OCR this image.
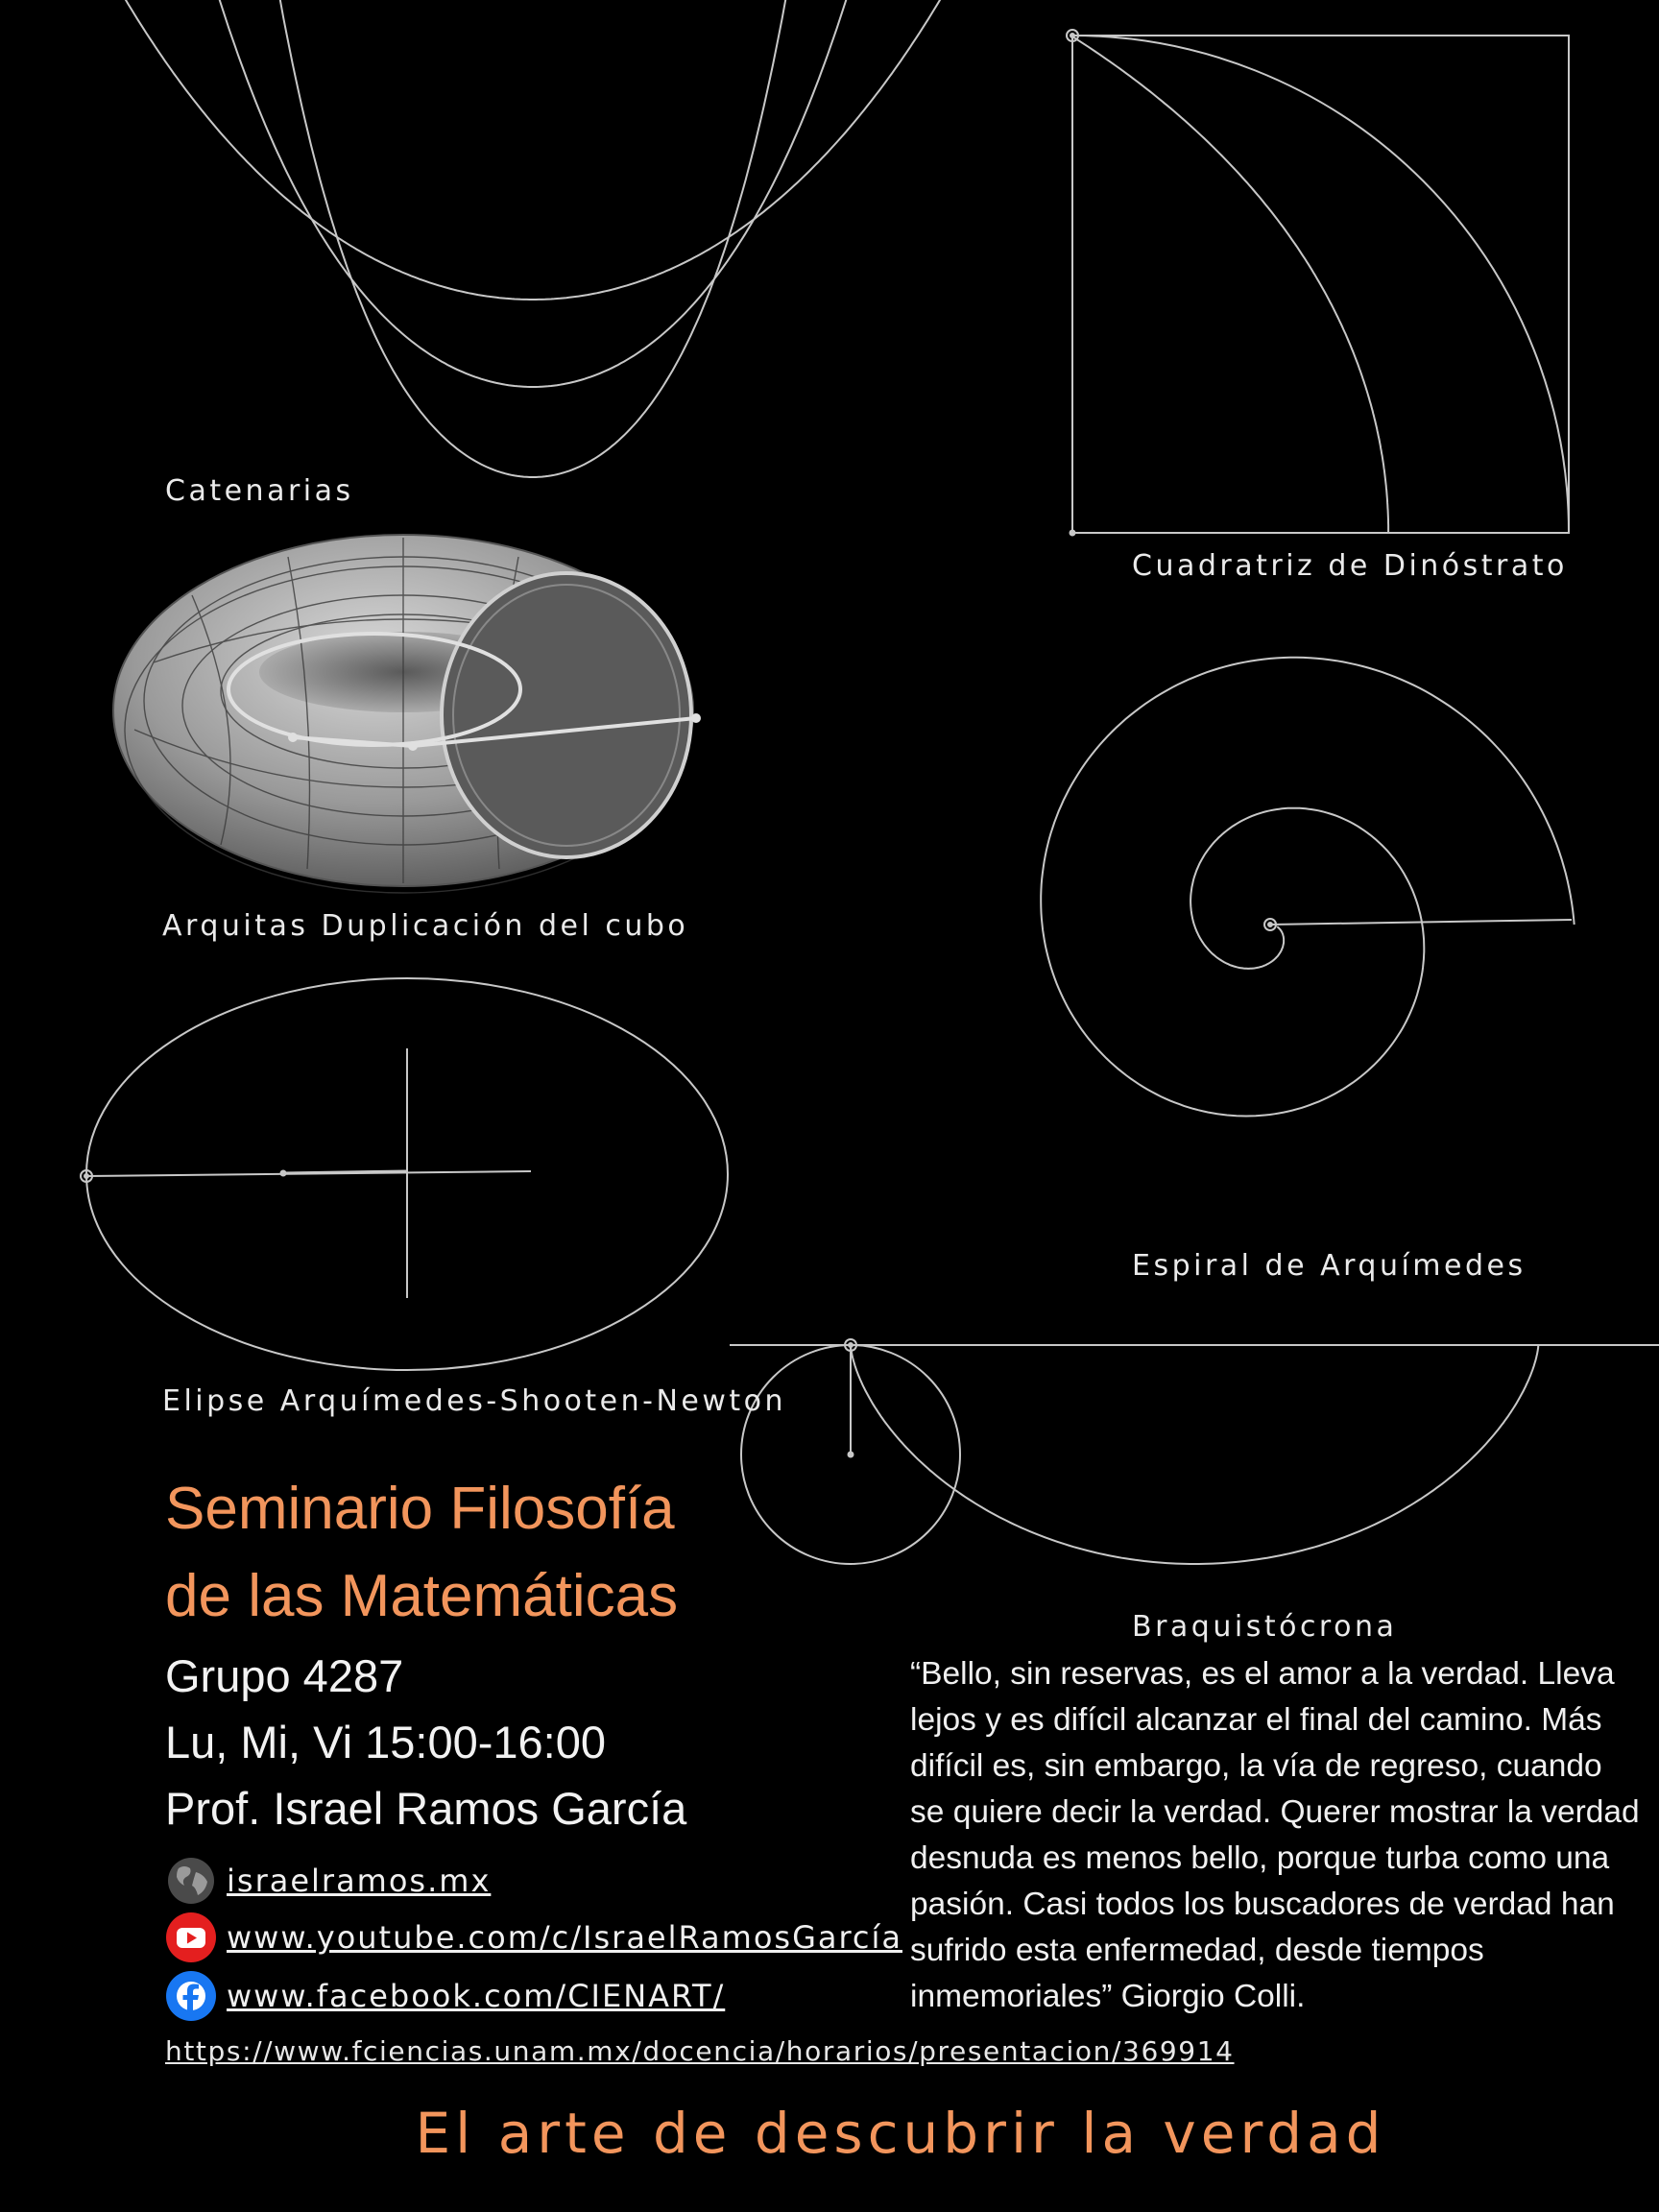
Catenarias
Cuadratriz de Dinóstrato
Arquitas Duplicación del cubo
Espiral de Arquímedes
Elipse Arquímedes-Shooten-Newton
Braquistócrona
Seminario Filosofía
de las Matemáticas
Grupo 4287
Lu, Mi, Vi 15:00-16:00
Prof. Israel Ramos García
israelramos.mx
www.youtube.com/c/IsraelRamosGarcía
www.facebook.com/CIENART/
https://www.fciencias.unam.mx/docencia/horarios/presentacion/369914
“Bello, sin reservas, es el amor a la verdad. Lleva lejos y es difícil alcanzar el final del camino. Más difícil es, sin embargo, la vía de regreso, cuando se quiere decir la verdad. Querer mostrar la verdad desnuda es menos bello, porque turba como una pasión. Casi todos los buscadores de verdad han sufrido esta enfermedad, desde tiempos inmemoriales” Giorgio Colli.
El arte de descubrir la verdad
